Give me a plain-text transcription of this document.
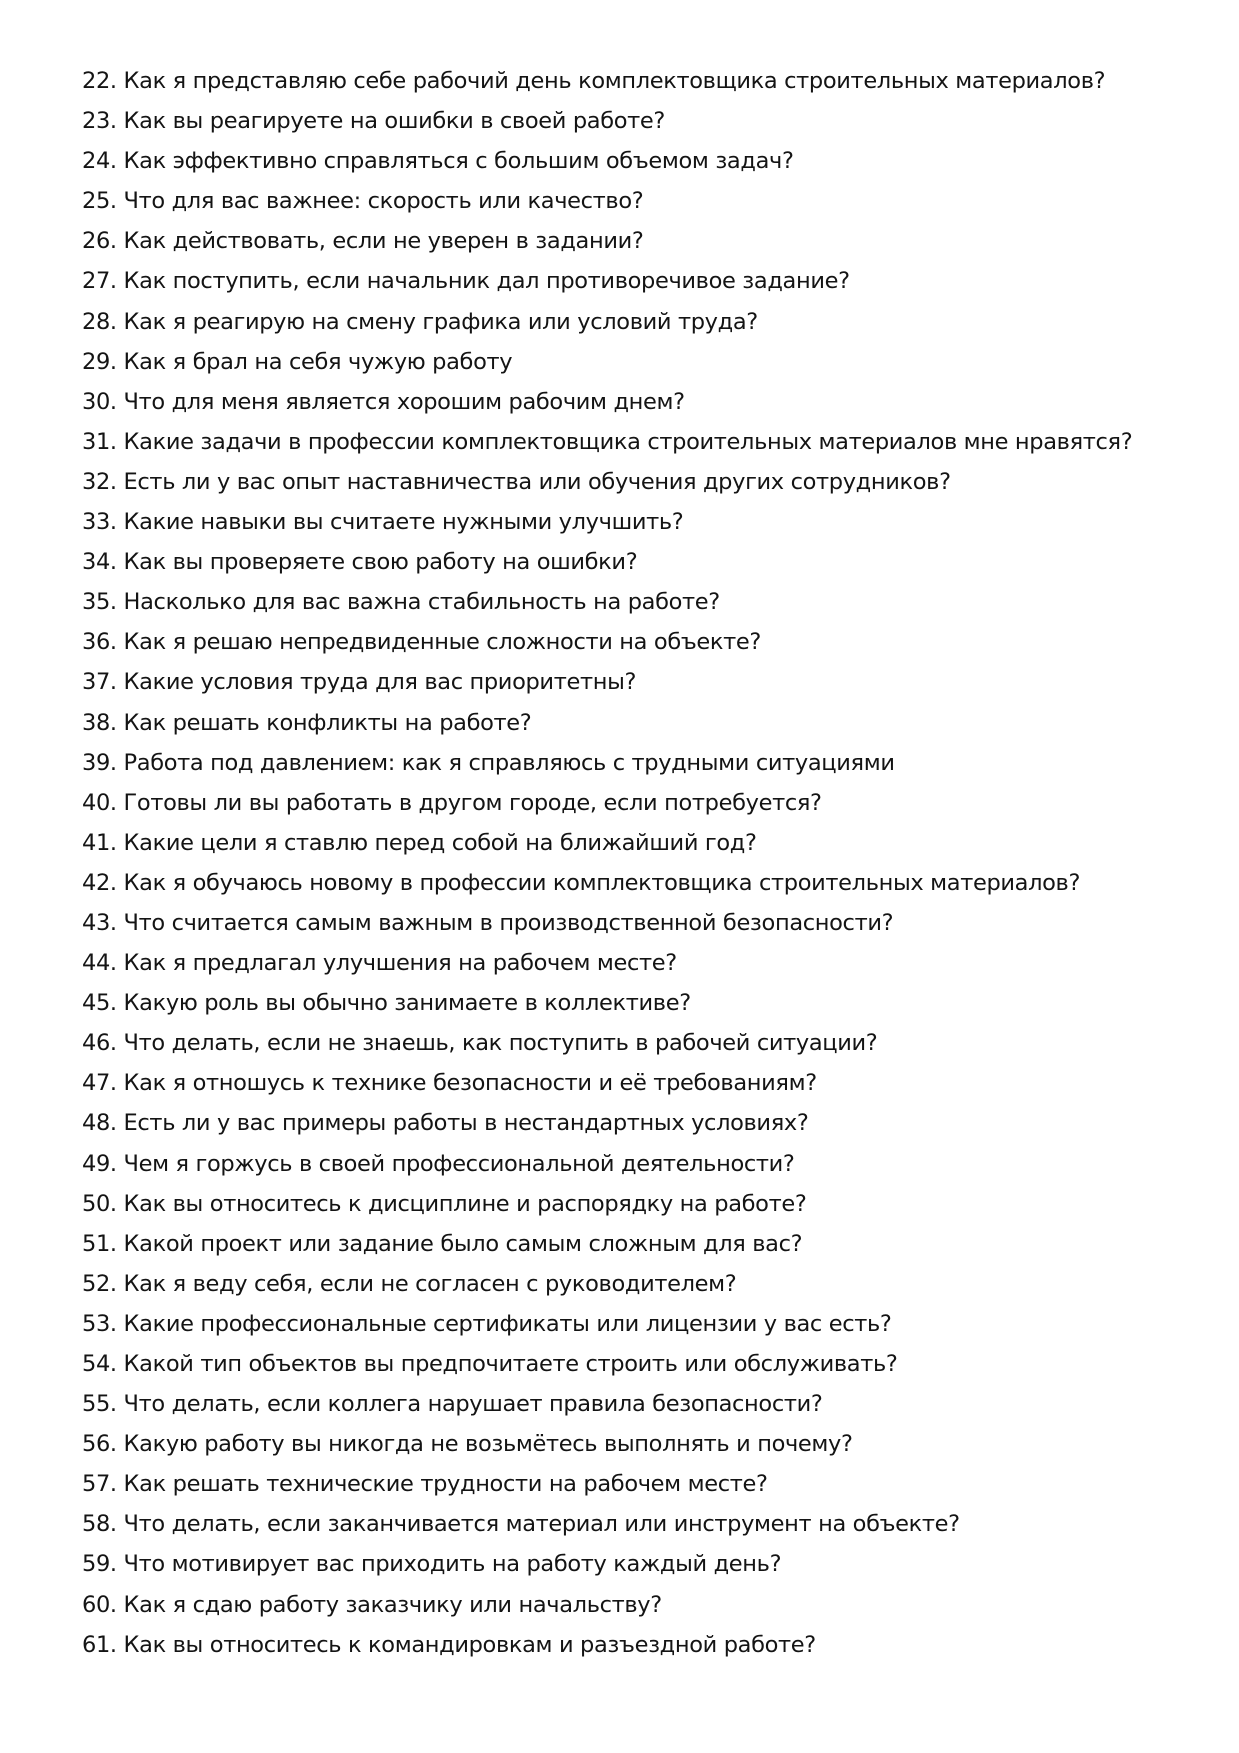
22. Как я представляю себе рабочий день комплектовщика строительных материалов?
23. Как вы реагируете на ошибки в своей работе?
24. Как эффективно справляться с большим объемом задач?
25. Что для вас важнее: скорость или качество?
26. Как действовать, если не уверен в задании?
27. Как поступить, если начальник дал противоречивое задание?
28. Как я реагирую на смену графика или условий труда?
29. Как я брал на себя чужую работу
30. Что для меня является хорошим рабочим днем?
31. Какие задачи в профессии комплектовщика строительных материалов мне нравятся?
32. Есть ли у вас опыт наставничества или обучения других сотрудников?
33. Какие навыки вы считаете нужными улучшить?
34. Как вы проверяете свою работу на ошибки?
35. Насколько для вас важна стабильность на работе?
36. Как я решаю непредвиденные сложности на объекте?
37. Какие условия труда для вас приоритетны?
38. Как решать конфликты на работе?
39. Работа под давлением: как я справляюсь с трудными ситуациями
40. Готовы ли вы работать в другом городе, если потребуется?
41. Какие цели я ставлю перед собой на ближайший год?
42. Как я обучаюсь новому в профессии комплектовщика строительных материалов?
43. Что считается самым важным в производственной безопасности?
44. Как я предлагал улучшения на рабочем месте?
45. Какую роль вы обычно занимаете в коллективе?
46. Что делать, если не знаешь, как поступить в рабочей ситуации?
47. Как я отношусь к технике безопасности и её требованиям?
48. Есть ли у вас примеры работы в нестандартных условиях?
49. Чем я горжусь в своей профессиональной деятельности?
50. Как вы относитесь к дисциплине и распорядку на работе?
51. Какой проект или задание было самым сложным для вас?
52. Как я веду себя, если не согласен с руководителем?
53. Какие профессиональные сертификаты или лицензии у вас есть?
54. Какой тип объектов вы предпочитаете строить или обслуживать?
55. Что делать, если коллега нарушает правила безопасности?
56. Какую работу вы никогда не возьмётесь выполнять и почему?
57. Как решать технические трудности на рабочем месте?
58. Что делать, если заканчивается материал или инструмент на объекте?
59. Что мотивирует вас приходить на работу каждый день?
60. Как я сдаю работу заказчику или начальству?
61. Как вы относитесь к командировкам и разъездной работе?
